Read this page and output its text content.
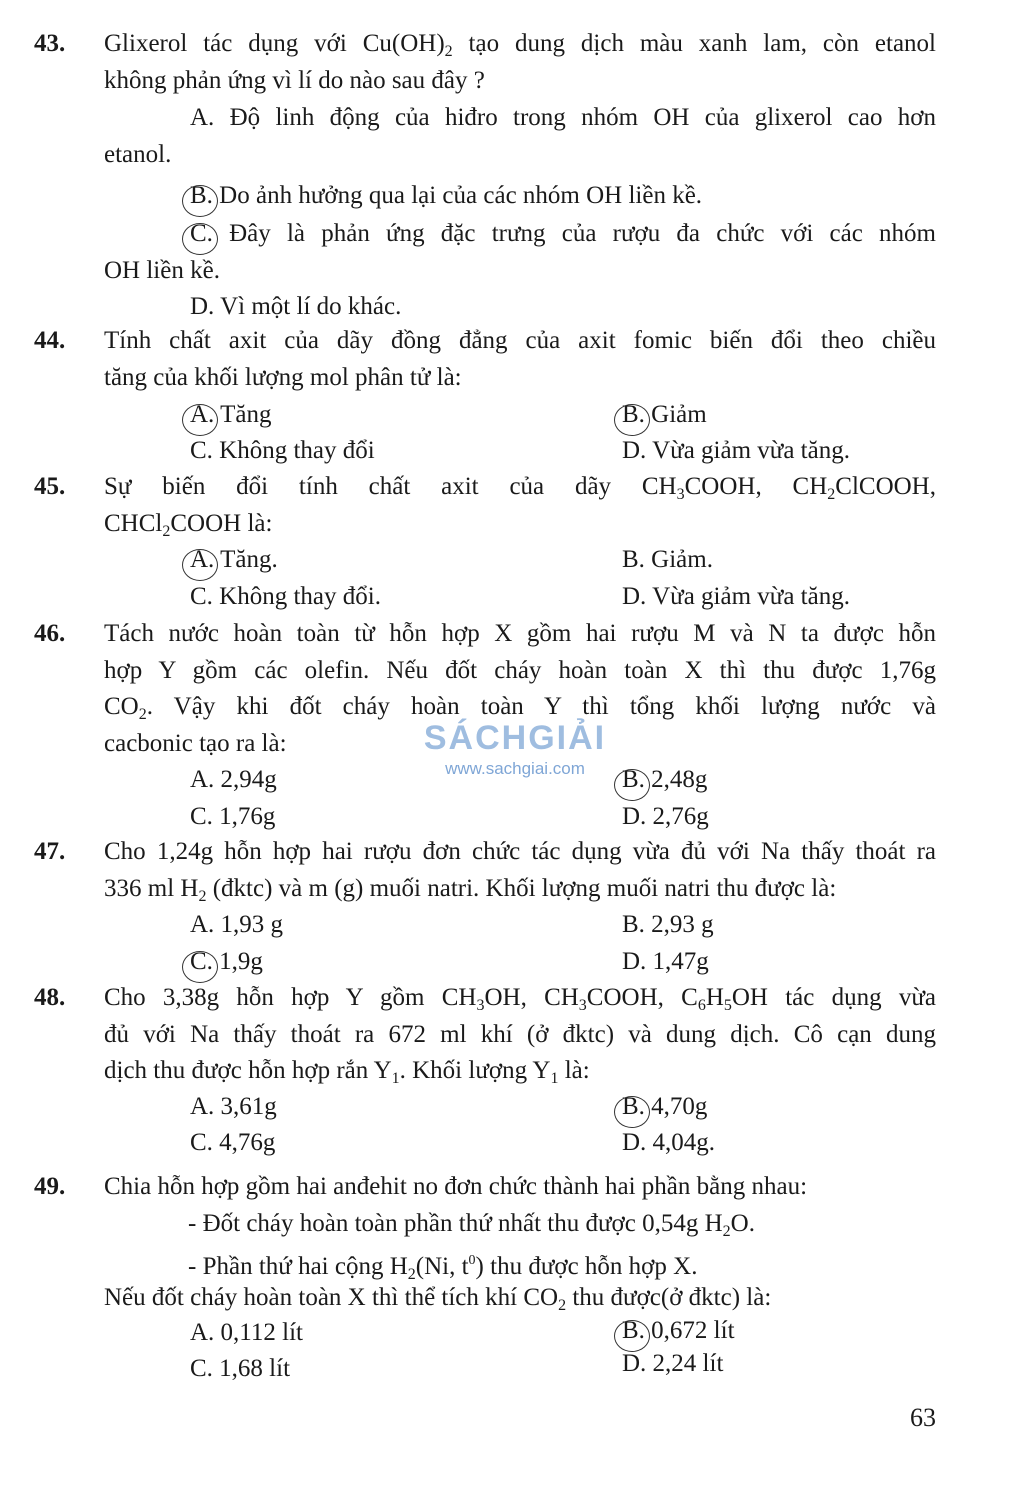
43. Glixerol tác dụng với $Cu(OH)_2$ tạo dung dịch màu xanh lam, còn etanol
không phản ứng vì lí do nào sau đây ?
A. Độ linh động của hiđro trong nhóm OH của glixerol cao hơn
etanol.
B. Do ảnh hưởng qua lại của các nhóm OH liền kề.
C. Đây là phản ứng đặc trưng của rượu đa chức với các nhóm
OH liền kề.
D. Vì một lí do khác.
44. Tính chất axit của dãy đồng đẳng của axit fomic biến đổi theo chiều
tăng của khối lượng mol phân tử là:
A. Tăng	B. Giảm
C. Không thay đổi	D. Vừa giảm vừa tăng.
45. Sự biến đổi tính chất axit của dãy $CH_3COOH$, $CH_2ClCOOH$,
CHCl$_2$COOH là:
A. Tăng.	B. Giảm.
C. Không thay đổi.	D. Vừa giảm vừa tăng.
46. Tách nước hoàn toàn từ hỗn hợp X gồm hai rượu M và N ta được hỗn
hợp Y gồm các olefin. Nếu đốt cháy hoàn toàn X thì thu được 1,76g
$CO_2$. Vậy khi đốt cháy hoàn toàn Y thì tổng khối lượng nước và
cacbonic tạo ra là:
A. 2,94g	B. 2,48g
C. 1,76g	D. 2,76g
47. Cho 1,24g hỗn hợp hai rượu đơn chức tác dụng vừa đủ với Na thấy thoát ra
336 ml $H_2$ (đktc) và m (g) muối natri. Khối lượng muối natri thu được là:
A. 1,93 g	B. 2,93 g
C. 1,9g	D. 1,47g
48. Cho 3,38g hỗn hợp Y gồm $CH_3OH$, $CH_3COOH$, $C_6H_5OH$ tác dụng vừa
đủ với Na thấy thoát ra 672 ml khí (ở đktc) và dung dịch. Cô cạn dung
dịch thu được hỗn hợp rắn $Y_1$. Khối lượng $Y_1$ là:
A. 3,61g	B. 4,70g
C. 4,76g	D. 4,04g.
49. Chia hỗn hợp gồm hai anđehit no đơn chức thành hai phần bằng nhau:
- Đốt cháy hoàn toàn phần thứ nhất thu được 0,54g $H_2O$.
- Phần thứ hai cộng $H_2(Ni$, $t^0$) thu được hỗn hợp X.
Nếu đốt cháy hoàn toàn X thì thể tích khí $CO_2$ thu được(ở đktc) là:
A. 0,112 lít	B. 0,672 lít
C. 1,68 lít	D. 2,24 lít
SÁCHGIẢI
www.sachgiai.com
63
